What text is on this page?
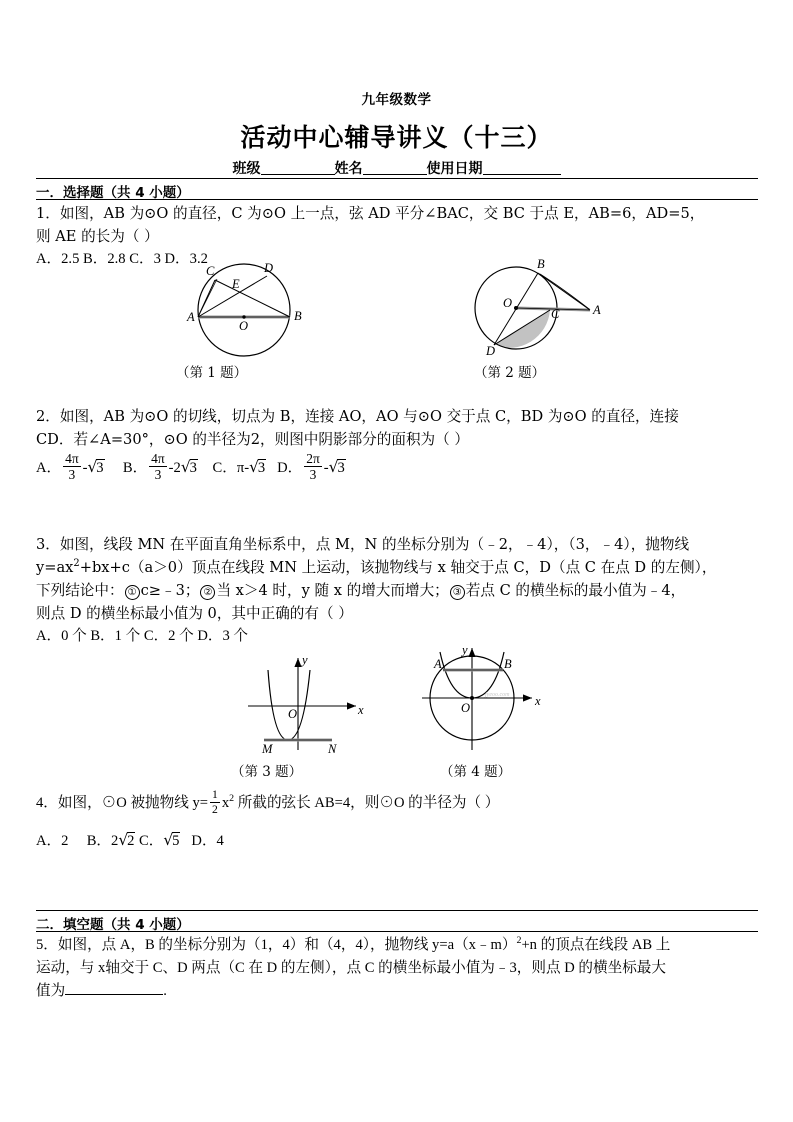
九年级数学
活动中心辅导讲义（十三）
班级	姓名	使用日期
一．选择题（共 4 小题）
1．如图，AB 为⊙O 的直径，C 为⊙O 上一点，弦 AD 平分∠BAC，交 BC 于点 E，AB=6，AD=5，
则 AE 的长为（ ）
A．2.5 B．2.8 C．3 D．3.2
A	B
C	D
E
O
（第 1 题）
B
A
C
D
O
（第 2 题）
2．如图，AB 为⊙O 的切线，切点为 B，连接 AO，AO 与⊙O 交于点 C，BD 为⊙O 的直径，连接
CD．若∠A=30°，⊙O 的半径为2，则图中阴影部分的面积为（ ）
A． $\frac{4\pi}{3} -√3$ B． $\frac{4\pi}{3} -2√3$ C．π-√3 D． $\frac{2\pi}{3} -√3$
3．如图，线段 MN 在平面直角坐标系中，点 M，N 的坐标分别为（﹣2，﹣4），（3，﹣4），抛物线
$y=ax^2+bx+c(a>0)$顶点在线段 MN 上运动，该抛物线与 x 轴交于点 C，D（点 C 在点 D 的左侧），
下列结论中： ① c≥﹣3； ② 当 x＞4 时，y 随 x 的增大而增大； ③ 若点 C 的横坐标的最小值为﹣4，
则点 D 的横坐标最小值为 0，其中正确的有（ ）
A．0 个 B．1 个 C．2 个 D．3 个
x
y
O
M	N
（第 3 题）
x
y
O
A	B
jyeoo.com
（第 4 题）
4．如图，⊙O 被抛物线 $y= \frac{1}{2} x^2$ 所截的弦长 AB=4，则⊙O 的半径为（ ）
A．2 B．2√2 C．√5 D．4
二．填空题（共 4 小题）
5．如图，点 A，B 的坐标分别为（1，4）和（4，4），抛物线 y=a（x﹣m）$^2$+n 的顶点在线段 AB 上
运动，与 x轴交于 C、D 两点（C 在 D 的左侧），点 C 的横坐标最小值为﹣3，则点 D 的横坐标最大
值为	.
